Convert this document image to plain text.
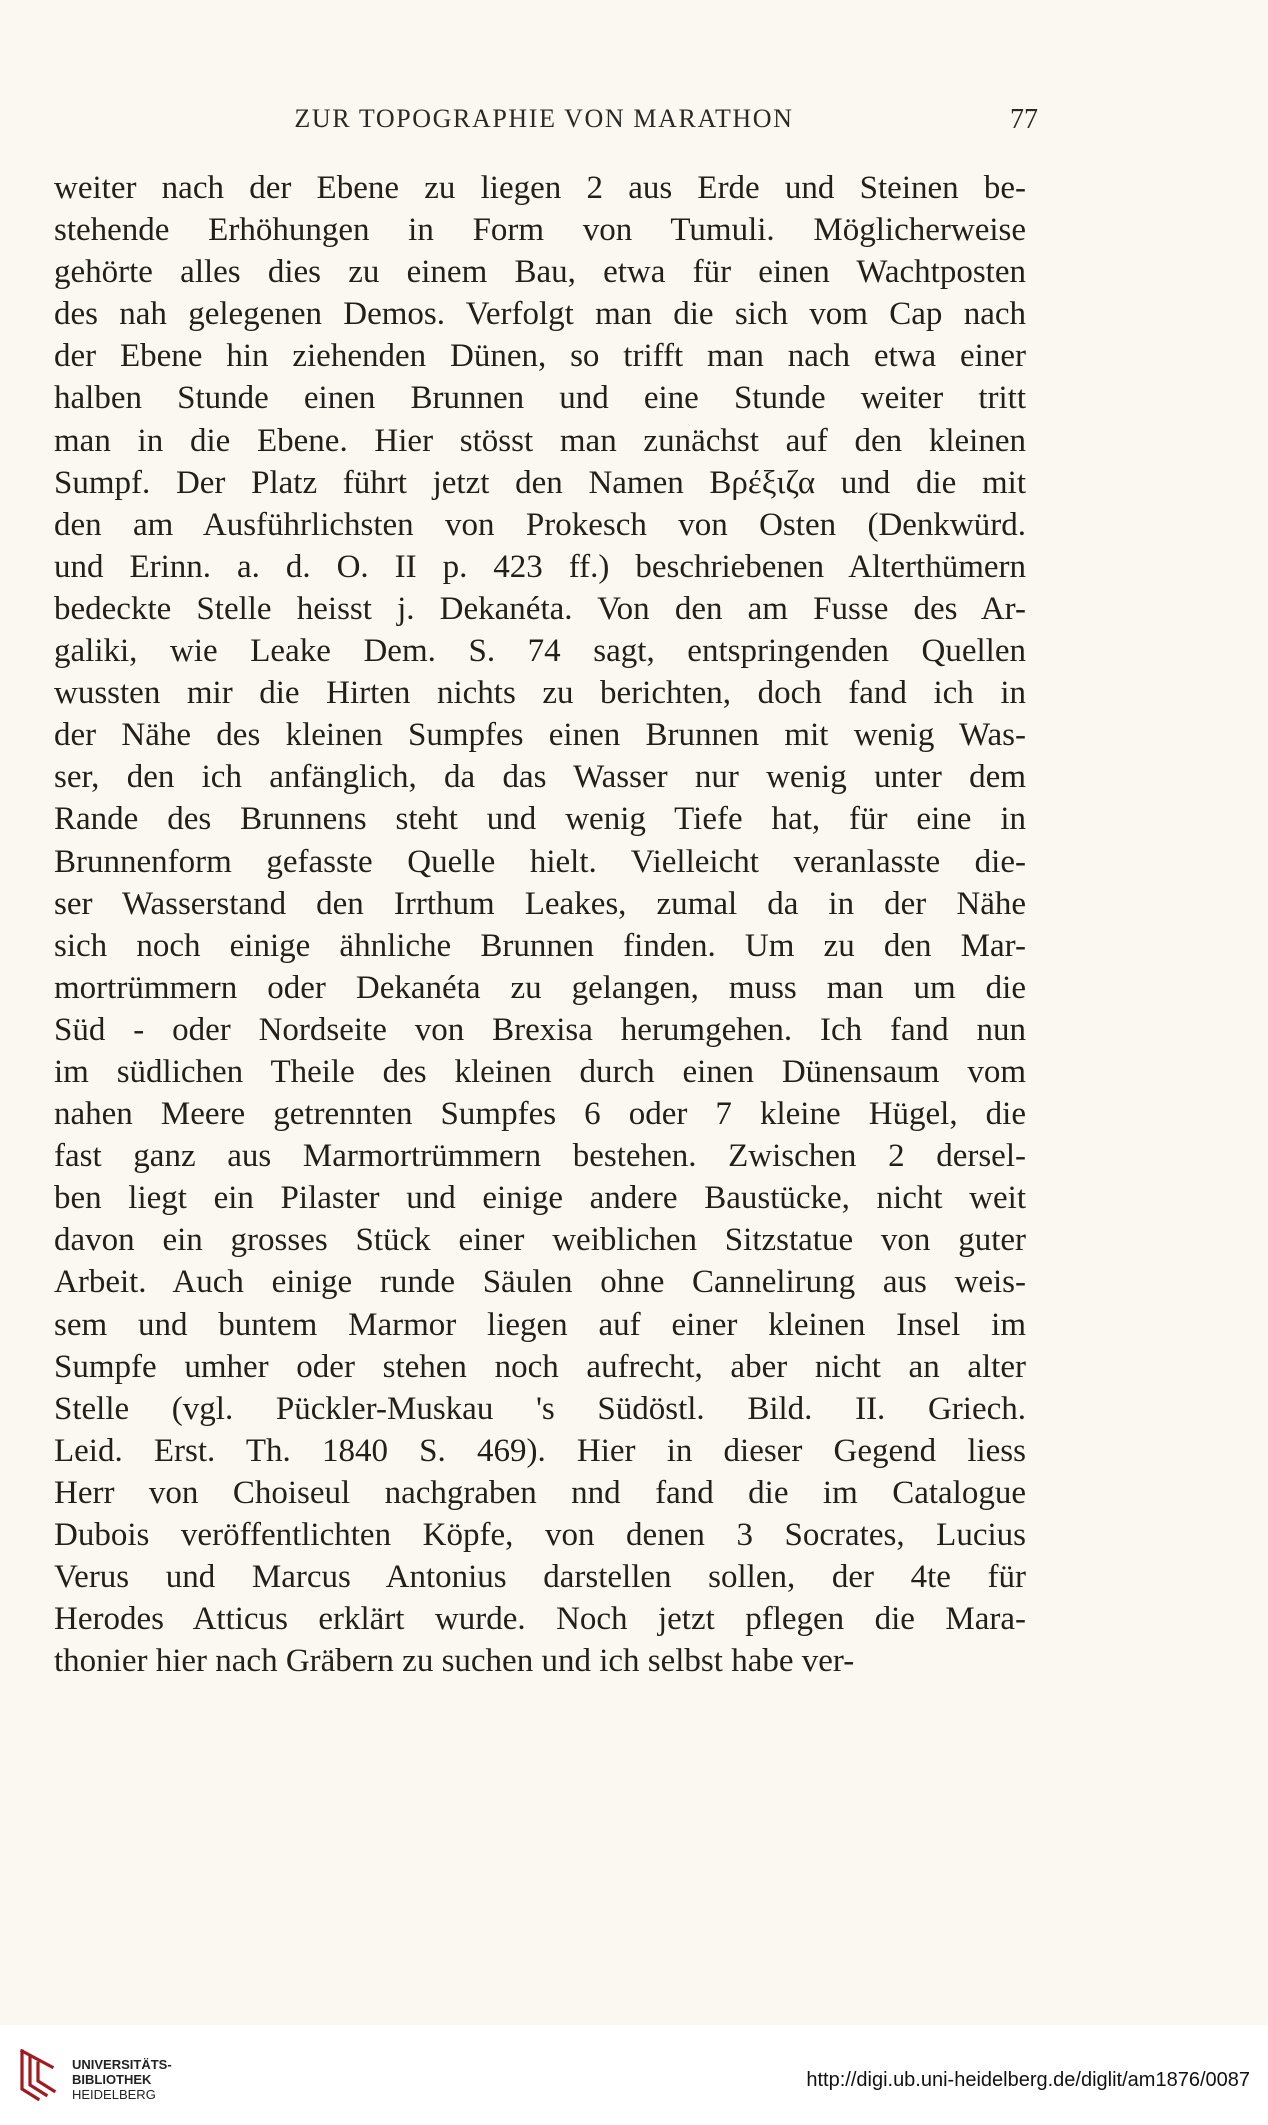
ZUR TOPOGRAPHIE VON MARATHON	77
weiter nach der Ebene zu liegen 2 aus Erde und Steinen be-
stehende Erhöhungen in Form von Tumuli. Möglicherweise
gehörte alles dies zu einem Bau, etwa für einen Wachtposten
des nah gelegenen Demos. Verfolgt man die sich vom Cap nach
der Ebene hin ziehenden Dünen, so trifft man nach etwa einer
halben Stunde einen Brunnen und eine Stunde weiter tritt
man in die Ebene. Hier stösst man zunächst auf den kleinen
Sumpf. Der Platz führt jetzt den Namen Βρέξιζα und die mit
den am Ausführlichsten von Prokesch von Osten (Denkwürd.
und Erinn. a. d. O. II p. 423 ff.) beschriebenen Alterthümern
bedeckte Stelle heisst j. Dekanéta. Von den am Fusse des Ar-
galiki, wie Leake Dem. S. 74 sagt, entspringenden Quellen
wussten mir die Hirten nichts zu berichten, doch fand ich in
der Nähe des kleinen Sumpfes einen Brunnen mit wenig Was-
ser, den ich anfänglich, da das Wasser nur wenig unter dem
Rande des Brunnens steht und wenig Tiefe hat, für eine in
Brunnenform gefasste Quelle hielt. Vielleicht veranlasste die-
ser Wasserstand den Irrthum Leakes, zumal da in der Nähe
sich noch einige ähnliche Brunnen finden. Um zu den Mar-
mortrümmern oder Dekanéta zu gelangen, muss man um die
Süd - oder Nordseite von Brexisa herumgehen. Ich fand nun
im südlichen Theile des kleinen durch einen Dünensaum vom
nahen Meere getrennten Sumpfes 6 oder 7 kleine Hügel, die
fast ganz aus Marmortrümmern bestehen. Zwischen 2 dersel-
ben liegt ein Pilaster und einige andere Baustücke, nicht weit
davon ein grosses Stück einer weiblichen Sitzstatue von guter
Arbeit. Auch einige runde Säulen ohne Cannelirung aus weis-
sem und buntem Marmor liegen auf einer kleinen Insel im
Sumpfe umher oder stehen noch aufrecht, aber nicht an alter
Stelle (vgl. Pückler-Muskau 's Südöstl. Bild. II. Griech.
Leid. Erst. Th. 1840 S. 469). Hier in dieser Gegend liess
Herr von Choiseul nachgraben nnd fand die im Catalogue
Dubois veröffentlichten Köpfe, von denen 3 Socrates, Lucius
Verus und Marcus Antonius darstellen sollen, der 4te für
Herodes Atticus erklärt wurde. Noch jetzt pflegen die Mara-
thonier hier nach Gräbern zu suchen und ich selbst habe ver-
UNIVERSITÄTS-
BIBLIOTHEK
HEIDELBERG
http://digi.ub.uni-heidelberg.de/diglit/am1876/0087
